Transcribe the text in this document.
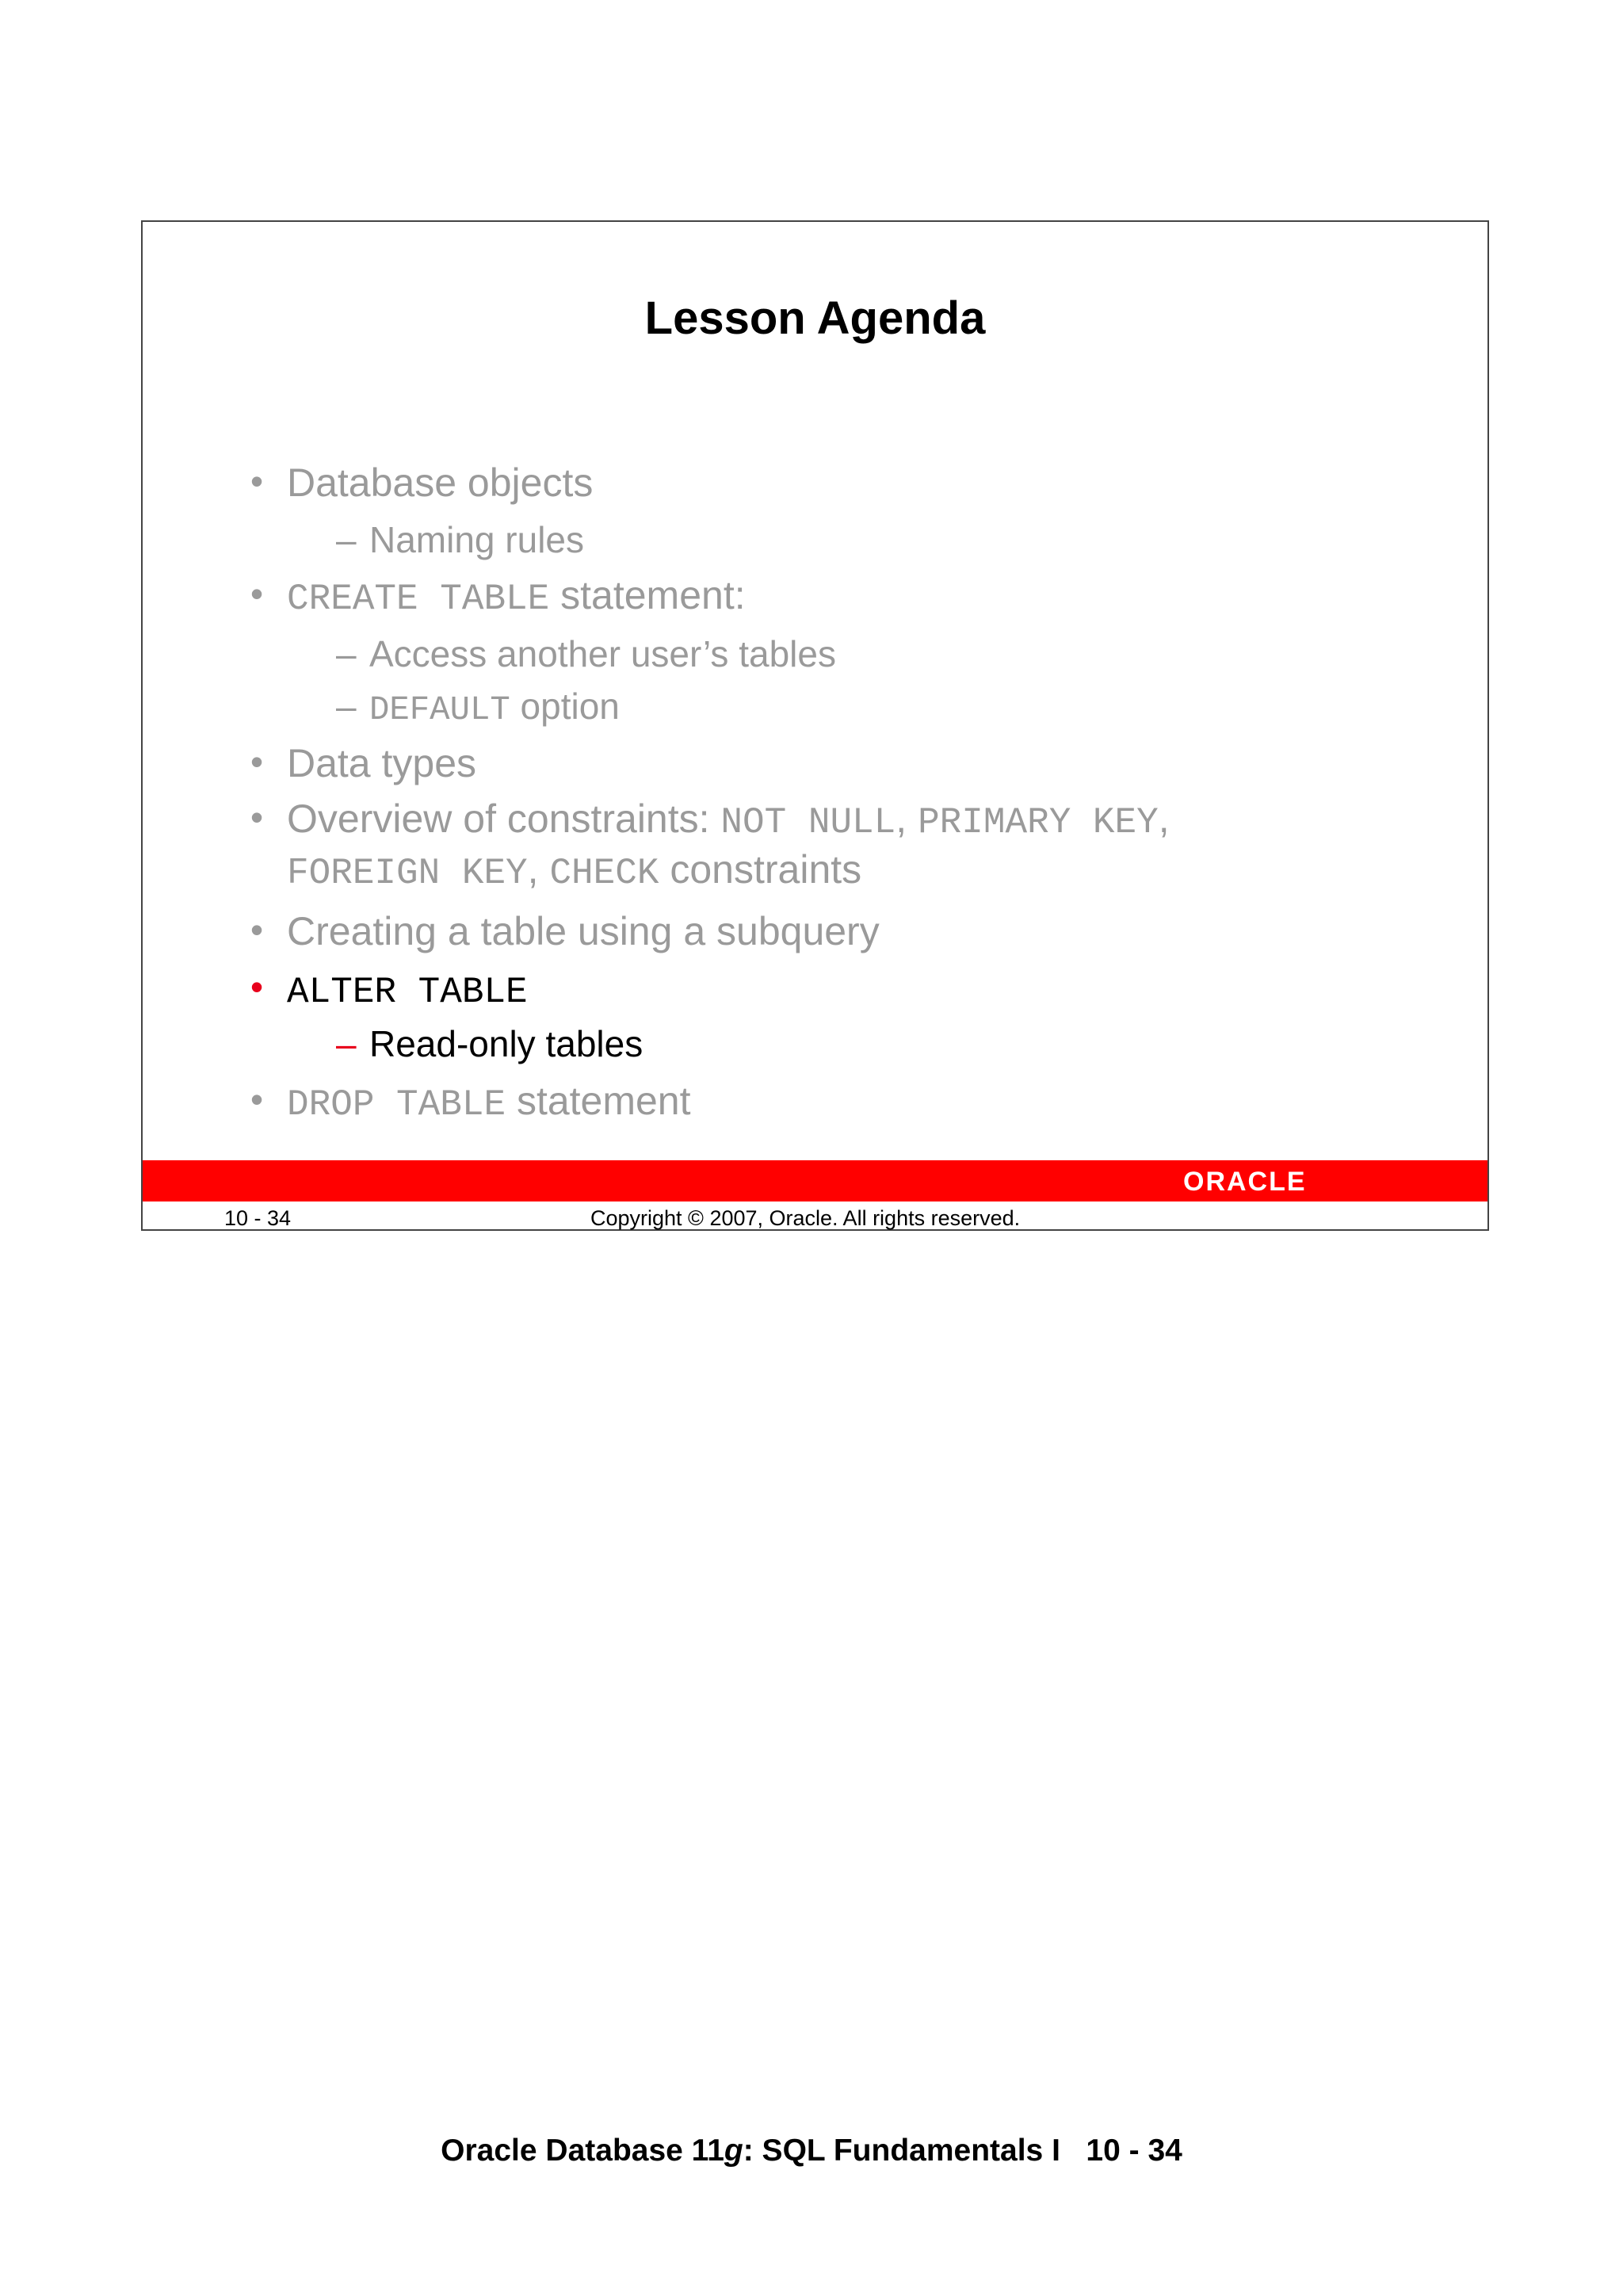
Lesson Agenda
• Database objects
– Naming rules
• CREATE TABLE statement:
– Access another user’s tables
– DEFAULT option
• Data types
• Overview of constraints: NOT NULL, PRIMARY KEY,
FOREIGN KEY, CHECK constraints
• Creating a table using a subquery
• ALTER TABLE
– Read-only tables
• DROP TABLE statement
ORACLE
10 - 34	Copyright © 2007, Oracle. All rights reserved.
Oracle Database 11g: SQL Fundamentals I   10 - 34
